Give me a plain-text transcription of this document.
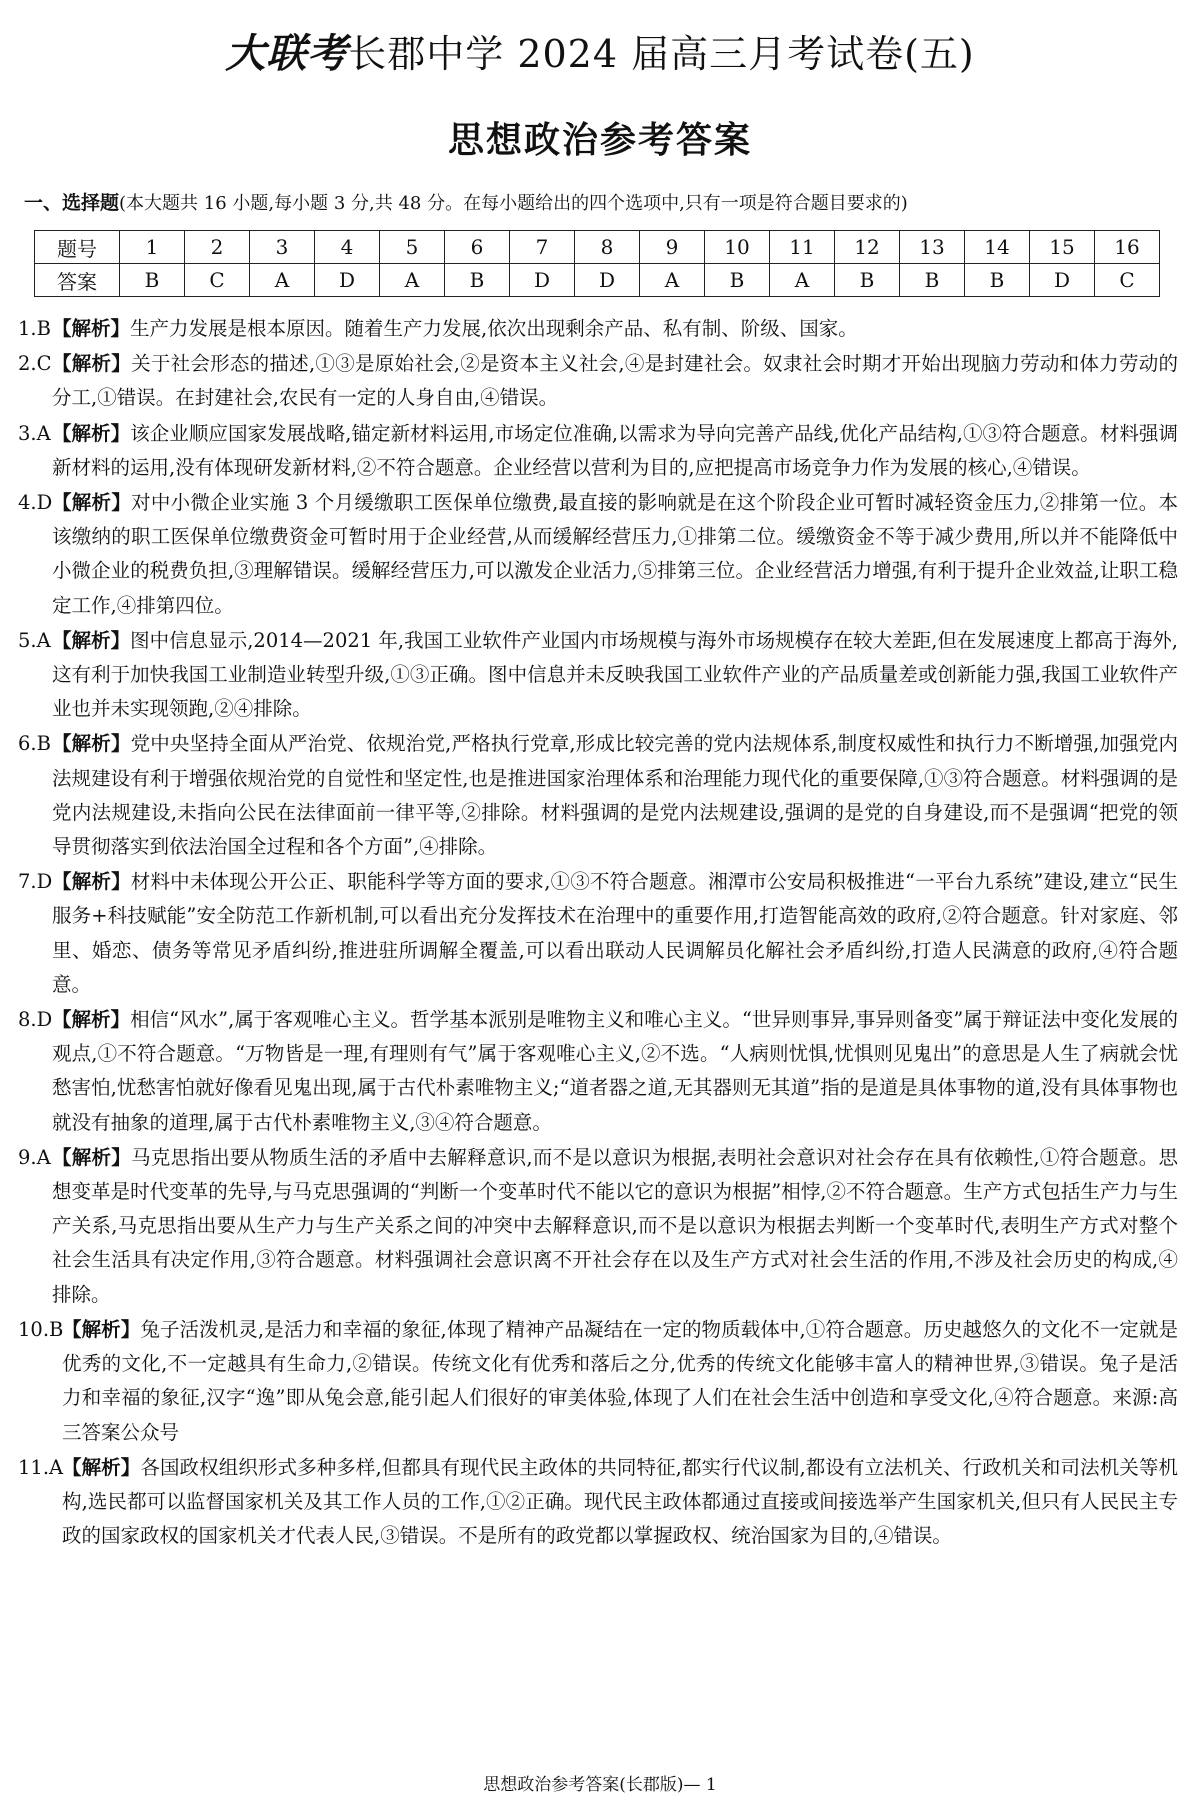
大联考长郡中学 2024 届高三月考试卷(五)
思想政治参考答案
一、选择题(本大题共 16 小题,每小题 3 分,共 48 分。在每小题给出的四个选项中,只有一项是符合题目要求的)
题号	1	2	3	4	5	6	7	8	9	10	11	12	13	14	15	16
答案	B	C	A	D	A	B	D	D	A	B	A	B	B	B	D	C
1.B 【解析】生产力发展是根本原因。随着生产力发展,依次出现剩余产品、私有制、阶级、国家。
2.C 【解析】关于社会形态的描述,①③是原始社会,②是资本主义社会,④是封建社会。奴隶社会时期才开始出现脑力劳动和体力劳动的分工,①错误。在封建社会,农民有一定的人身自由,④错误。
3.A 【解析】该企业顺应国家发展战略,锚定新材料运用,市场定位准确,以需求为导向完善产品线,优化产品结构,①③符合题意。材料强调新材料的运用,没有体现研发新材料,②不符合题意。企业经营以营利为目的,应把提高市场竞争力作为发展的核心,④错误。
4.D 【解析】对中小微企业实施 3 个月缓缴职工医保单位缴费,最直接的影响就是在这个阶段企业可暂时减轻资金压力,②排第一位。本该缴纳的职工医保单位缴费资金可暂时用于企业经营,从而缓解经营压力,①排第二位。缓缴资金不等于减少费用,所以并不能降低中小微企业的税费负担,③理解错误。缓解经营压力,可以激发企业活力,⑤排第三位。企业经营活力增强,有利于提升企业效益,让职工稳定工作,④排第四位。
5.A 【解析】图中信息显示,2014—2021 年,我国工业软件产业国内市场规模与海外市场规模存在较大差距,但在发展速度上都高于海外,这有利于加快我国工业制造业转型升级,①③正确。图中信息并未反映我国工业软件产业的产品质量差或创新能力强,我国工业软件产业也并未实现领跑,②④排除。
6.B 【解析】党中央坚持全面从严治党、依规治党,严格执行党章,形成比较完善的党内法规体系,制度权威性和执行力不断增强,加强党内法规建设有利于增强依规治党的自觉性和坚定性,也是推进国家治理体系和治理能力现代化的重要保障,①③符合题意。材料强调的是党内法规建设,未指向公民在法律面前一律平等,②排除。材料强调的是党内法规建设,强调的是党的自身建设,而不是强调“把党的领导贯彻落实到依法治国全过程和各个方面”,④排除。
7.D 【解析】材料中未体现公开公正、职能科学等方面的要求,①③不符合题意。湘潭市公安局积极推进“一平台九系统”建设,建立“民生服务+科技赋能”安全防范工作新机制,可以看出充分发挥技术在治理中的重要作用,打造智能高效的政府,②符合题意。针对家庭、邻里、婚恋、债务等常见矛盾纠纷,推进驻所调解全覆盖,可以看出联动人民调解员化解社会矛盾纠纷,打造人民满意的政府,④符合题意。
8.D 【解析】相信“风水”,属于客观唯心主义。哲学基本派别是唯物主义和唯心主义。“世异则事异,事异则备变”属于辩证法中变化发展的观点,①不符合题意。“万物皆是一理,有理则有气”属于客观唯心主义,②不选。“人病则忧惧,忧惧则见鬼出”的意思是人生了病就会忧愁害怕,忧愁害怕就好像看见鬼出现,属于古代朴素唯物主义;“道者器之道,无其器则无其道”指的是道是具体事物的道,没有具体事物也就没有抽象的道理,属于古代朴素唯物主义,③④符合题意。
9.A 【解析】马克思指出要从物质生活的矛盾中去解释意识,而不是以意识为根据,表明社会意识对社会存在具有依赖性,①符合题意。思想变革是时代变革的先导,与马克思强调的“判断一个变革时代不能以它的意识为根据”相悖,②不符合题意。生产方式包括生产力与生产关系,马克思指出要从生产力与生产关系之间的冲突中去解释意识,而不是以意识为根据去判断一个变革时代,表明生产方式对整个社会生活具有决定作用,③符合题意。材料强调社会意识离不开社会存在以及生产方式对社会生活的作用,不涉及社会历史的构成,④排除。
10.B
【解析】兔子活泼机灵,是活力和幸福的象征,体现了精神产品凝结在一定的物质载体中,①符合题意。历史越悠久的文化不一定就是优秀的文化,不一定越具有生命力,②错误。传统文化有优秀和落后之分,优秀的传统文化能够丰富人的精神世界,③错误。兔子是活力和幸福的象征,汉字“逸”即从兔会意,能引起人们很好的审美体验,体现了人们在社会生活中创造和享受文化,④符合题意。来源:高三答案公众号
11.A
【解析】各国政权组织形式多种多样,但都具有现代民主政体的共同特征,都实行代议制,都设有立法机关、行政机关和司法机关等机构,选民都可以监督国家机关及其工作人员的工作,①②正确。现代民主政体都通过直接或间接选举产生国家机关,但只有人民民主专政的国家政权的国家机关才代表人民,③错误。不是所有的政党都以掌握政权、统治国家为目的,④错误。
思想政治参考答案(长郡版)— 1
